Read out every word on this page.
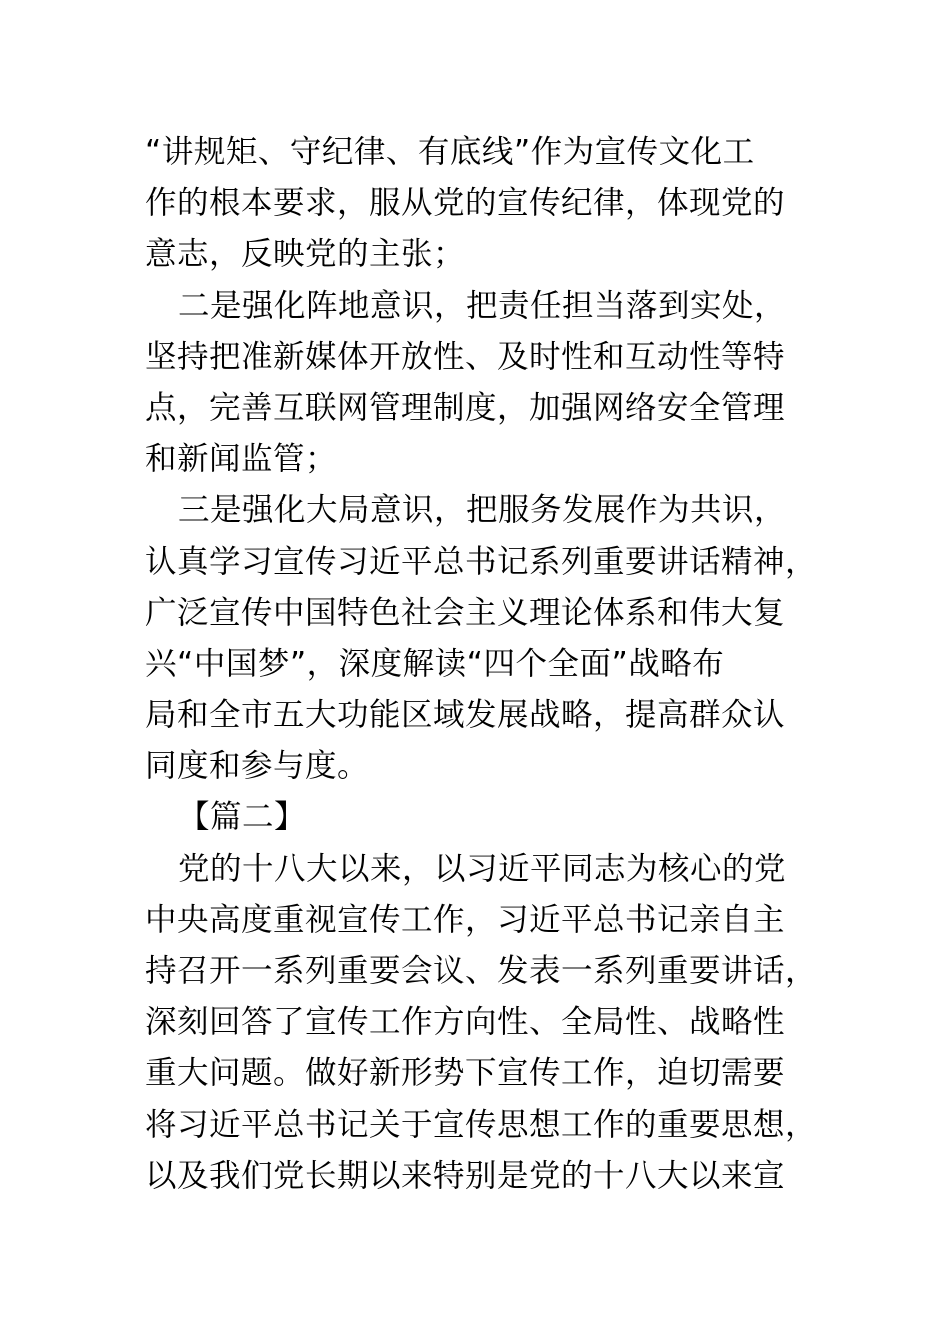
“讲规矩、守纪律、有底线”作为宣传文化工
作的根本要求，服从党的宣传纪律，体现党的
意志，反映党的主张；
二是强化阵地意识，把责任担当落到实处，
坚持把准新媒体开放性、及时性和互动性等特
点，完善互联网管理制度，加强网络安全管理
和新闻监管；
三是强化大局意识，把服务发展作为共识，
认真学习宣传习近平总书记系列重要讲话精神，
广泛宣传中国特色社会主义理论体系和伟大复
兴“中国梦”，深度解读“四个全面”战略布
局和全市五大功能区域发展战略，提高群众认
同度和参与度。
【篇二】
党的十八大以来，以习近平同志为核心的党
中央高度重视宣传工作，习近平总书记亲自主
持召开一系列重要会议、发表一系列重要讲话，
深刻回答了宣传工作方向性、全局性、战略性
重大问题。做好新形势下宣传工作，迫切需要
将习近平总书记关于宣传思想工作的重要思想，
以及我们党长期以来特别是党的十八大以来宣
